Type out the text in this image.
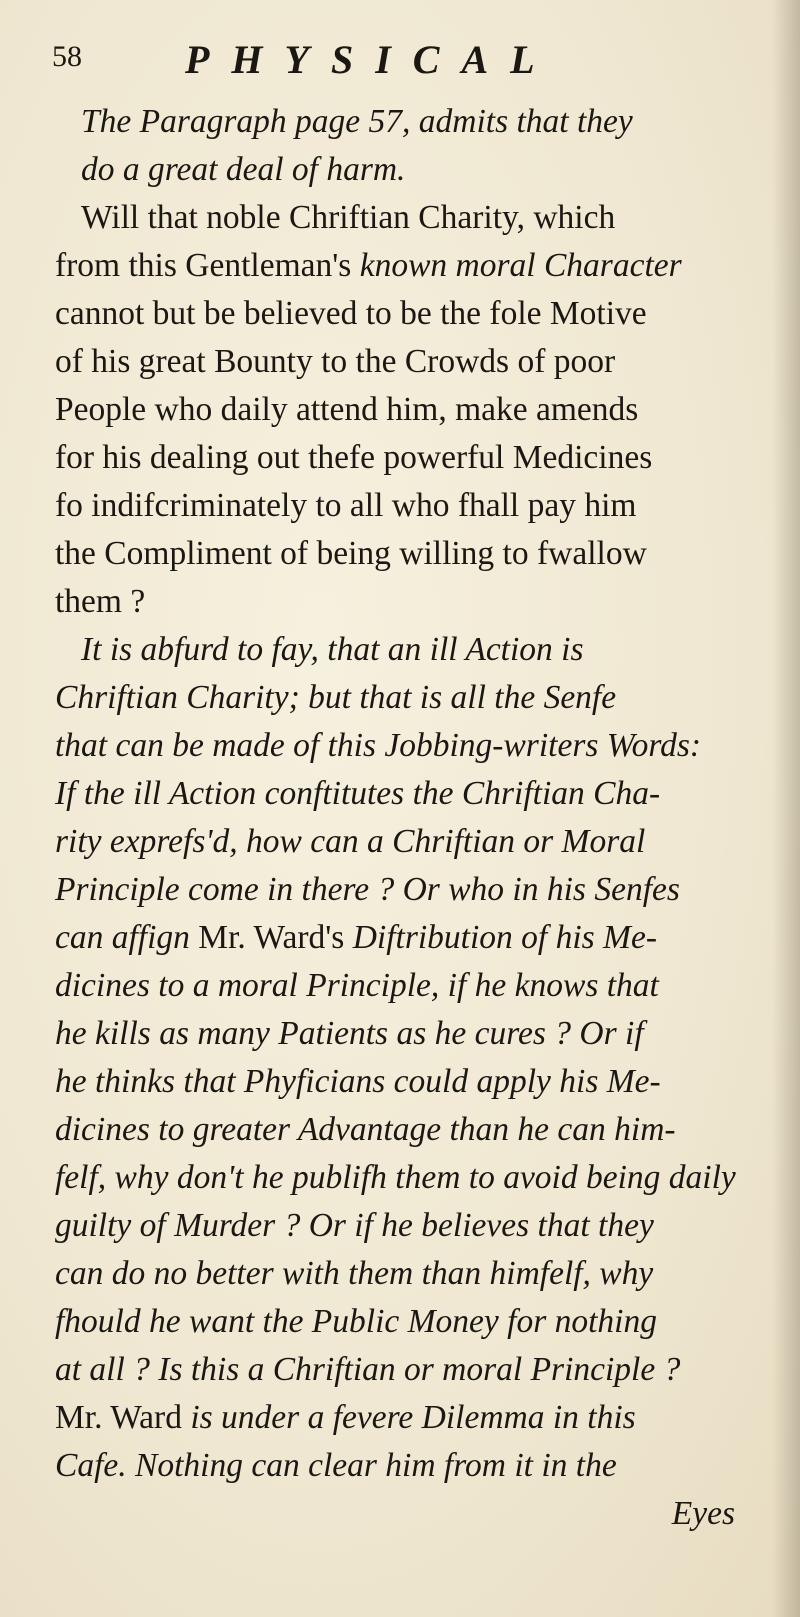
58	PHYSICAL
The Paragraph page 57, admits that they
do a great deal of harm.
Will that noble Chriftian Charity, which
from this Gentleman's known moral Character
cannot but be believed to be the fole Motive
of his great Bounty to the Crowds of poor
People who daily attend him, make amends
for his dealing out thefe powerful Medicines
fo indifcriminately to all who fhall pay him
the Compliment of being willing to fwallow
them ?
It is abfurd to fay, that an ill Action is
Chriftian Charity; but that is all the Senfe
that can be made of this Jobbing-writers Words:
If the ill Action conftitutes the Chriftian Cha-
rity exprefs'd, how can a Chriftian or Moral
Principle come in there ? Or who in his Senfes
can affign Mr. Ward's Diftribution of his Me-
dicines to a moral Principle, if he knows that
he kills as many Patients as he cures ? Or if
he thinks that Phyficians could apply his Me-
dicines to greater Advantage than he can him-
felf, why don't he publifh them to avoid being daily
guilty of Murder ? Or if he believes that they
can do no better with them than himfelf, why
fhould he want the Public Money for nothing
at all ? Is this a Chriftian or moral Principle ?
Mr. Ward is under a fevere Dilemma in this
Cafe. Nothing can clear him from it in the
Eyes
